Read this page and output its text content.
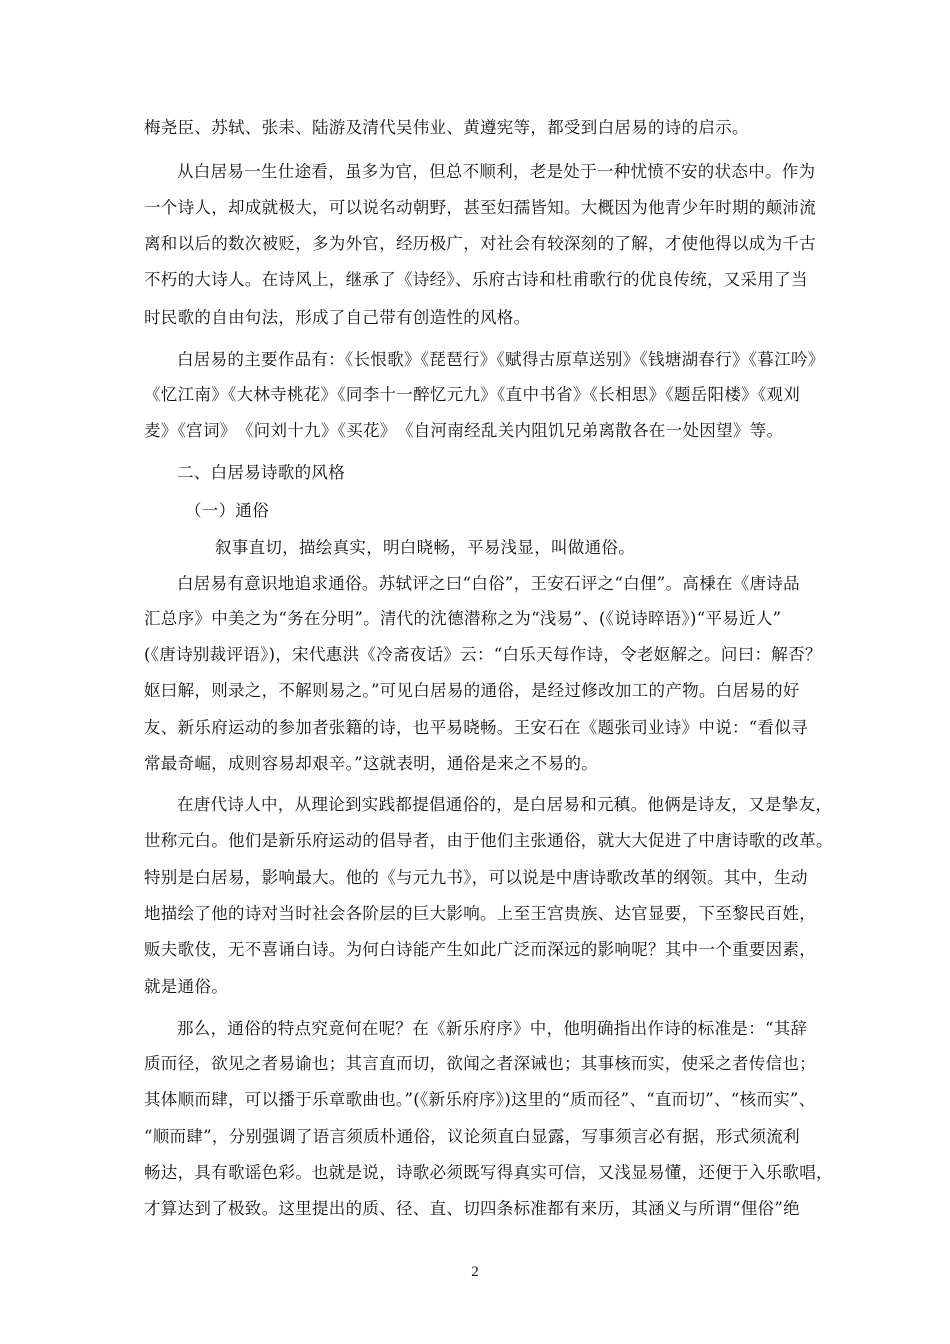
梅尧臣、苏轼、张耒、陆游及清代吴伟业、黄遵宪等，都受到白居易的诗的启示。
从白居易一生仕途看，虽多为官，但总不顺利，老是处于一种忧愤不安的状态中。作为
一个诗人，却成就极大，可以说名动朝野，甚至妇孺皆知。大概因为他青少年时期的颠沛流
离和以后的数次被贬，多为外官，经历极广，对社会有较深刻的了解，才使他得以成为千古
不朽的大诗人。在诗风上，继承了《诗经》、乐府古诗和杜甫歌行的优良传统，又采用了当
时民歌的自由句法，形成了自己带有创造性的风格。
白居易的主要作品有：《长恨歌》《琵琶行》《赋得古原草送别》《钱塘湖春行》《暮江吟》
《忆江南》《大林寺桃花》《同李十一醉忆元九》《直中书省》《长相思》《题岳阳楼》《观刈
麦》《宫词》　《问刘十九》《买花》　《自河南经乱关内阻饥兄弟离散各在一处因望》等。
二、白居易诗歌的风格
（一）通俗
叙事直切，描绘真实，明白晓畅，平易浅显，叫做通俗。
白居易有意识地追求通俗。苏轼评之曰“白俗”，王安石评之“白俚”。高棅在《唐诗品
汇总序》中美之为“务在分明”。清代的沈德潜称之为“浅易”、(《说诗晬语》)“平易近人”
(《唐诗别裁评语》)，宋代惠洪《冷斋夜话》云：“白乐天每作诗，令老妪解之。问曰：解否？
妪曰解，则录之，不解则易之。”可见白居易的通俗，是经过修改加工的产物。白居易的好
友、新乐府运动的参加者张籍的诗，也平易晓畅。王安石在《题张司业诗》中说：“看似寻
常最奇崛，成则容易却艰辛。”这就表明，通俗是来之不易的。
在唐代诗人中，从理论到实践都提倡通俗的，是白居易和元稹。他俩是诗友，又是挚友，
世称元白。他们是新乐府运动的倡导者，由于他们主张通俗，就大大促进了中唐诗歌的改革。
特别是白居易，影响最大。他的《与元九书》，可以说是中唐诗歌改革的纲领。其中，生动
地描绘了他的诗对当时社会各阶层的巨大影响。上至王宫贵族、达官显要，下至黎民百姓，
贩夫歌伎，无不喜诵白诗。为何白诗能产生如此广泛而深远的影响呢？其中一个重要因素，
就是通俗。
那么，通俗的特点究竟何在呢？在《新乐府序》中，他明确指出作诗的标准是：“其辞
质而径，欲见之者易谕也；其言直而切，欲闻之者深诫也；其事核而实，使采之者传信也；
其体顺而肆，可以播于乐章歌曲也。”(《新乐府序》)这里的“质而径”、“直而切”、“核而实”、
“顺而肆”，分别强调了语言须质朴通俗，议论须直白显露，写事须言必有据，形式须流利
畅达，具有歌谣色彩。也就是说，诗歌必须既写得真实可信，又浅显易懂，还便于入乐歌唱，
才算达到了极致。这里提出的质、径、直、切四条标准都有来历，其涵义与所谓“俚俗”绝
2
